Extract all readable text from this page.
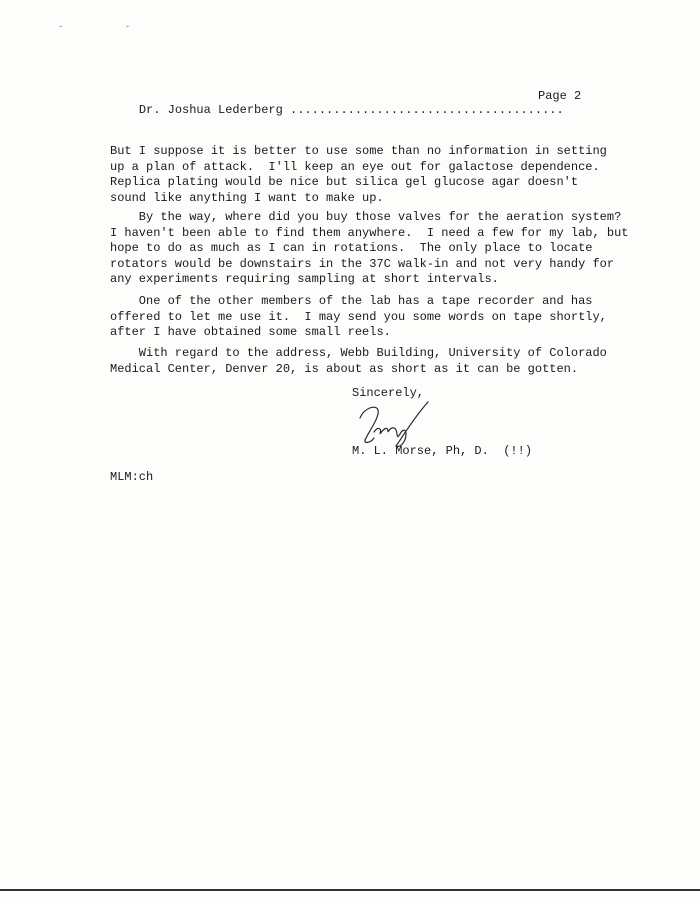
‐ ‐

Dr. Joshua Lederberg ......................................

Page 2

But I suppose it is better to use some than no information in setting
up a plan of attack.  I'll keep an eye out for galactose dependence.
Replica plating would be nice but silica gel glucose agar doesn't
sound like anything I want to make up.
By the way, where did you buy those valves for the aeration system?
I haven't been able to find them anywhere.  I need a few for my lab, but
hope to do as much as I can in rotations.  The only place to locate
rotators would be downstairs in the 37C walk-in and not very handy for
any experiments requiring sampling at short intervals.
One of the other members of the lab has a tape recorder and has
offered to let me use it.  I may send you some words on tape shortly,
after I have obtained some small reels.
With regard to the address, Webb Building, University of Colorado
Medical Center, Denver 20, is about as short as it can be gotten.
Sincerely,
M. L. Morse, Ph, D.  (!!)
MLM:ch
